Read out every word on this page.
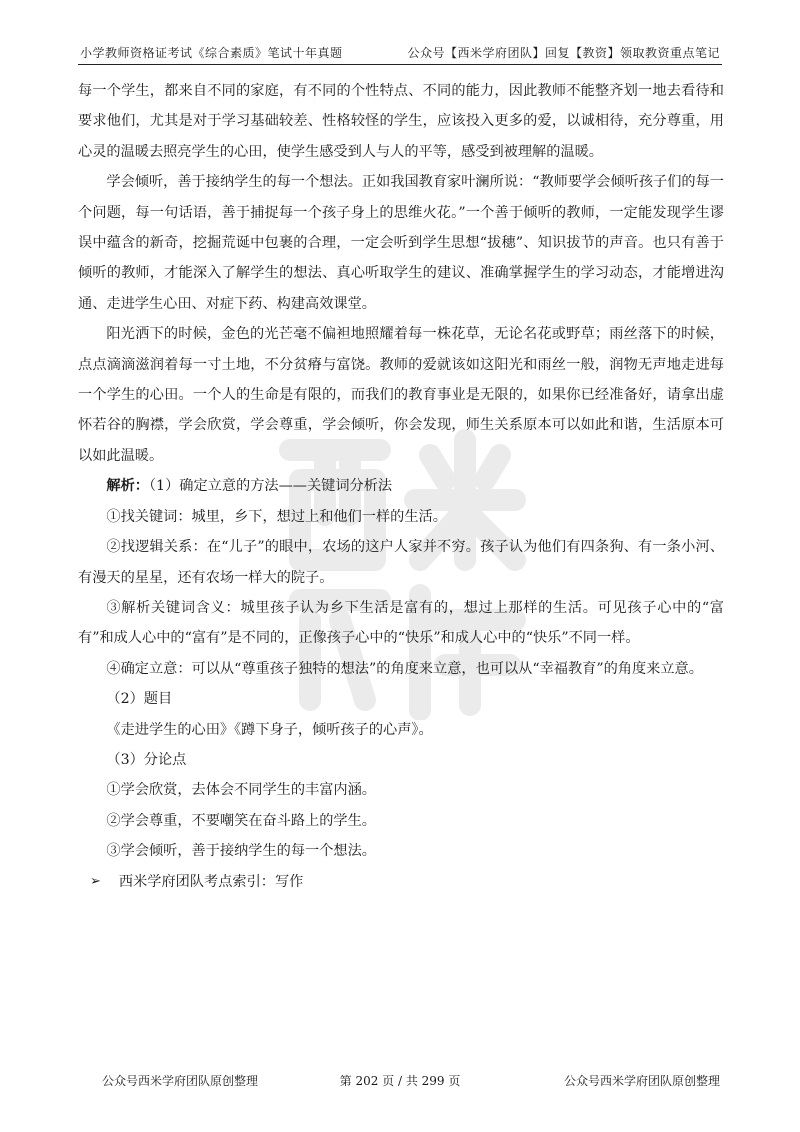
小学教师资格证考试《综合素质》笔试十年真题	公众号【西米学府团队】回复【教资】领取教资重点笔记

每一个学生，都来自不同的家庭，有不同的个性特点、不同的能力，因此教师不能整齐划一地去看待和要求他们，尤其是对于学习基础较差、性格较怪的学生，应该投入更多的爱，以诚相待，充分尊重，用心灵的温暖去照亮学生的心田，使学生感受到人与人的平等，感受到被理解的温暖。

学会倾听，善于接纳学生的每一个想法。正如我国教育家叶澜所说：“教师要学会倾听孩子们的每一个问题，每一句话语，善于捕捉每一个孩子身上的思维火花。”一个善于倾听的教师，一定能发现学生谬误中蕴含的新奇，挖掘荒诞中包裹的合理，一定会听到学生思想“拔穗”、知识拔节的声音。也只有善于倾听的教师，才能深入了解学生的想法、真心听取学生的建议、准确掌握学生的学习动态，才能增进沟通、走进学生心田、对症下药、构建高效课堂。

阳光洒下的时候，金色的光芒毫不偏袒地照耀着每一株花草，无论名花或野草；雨丝落下的时候，点点滴滴滋润着每一寸土地，不分贫瘠与富饶。教师的爱就该如这阳光和雨丝一般，润物无声地走进每一个学生的心田。一个人的生命是有限的，而我们的教育事业是无限的，如果你已经准备好，请拿出虚怀若谷的胸襟，学会欣赏，学会尊重，学会倾听，你会发现，师生关系原本可以如此和谐，生活原本可以如此温暖。

解析：（1）确定立意的方法——关键词分析法

①找关键词：城里，乡下，想过上和他们一样的生活。

②找逻辑关系：在“儿子”的眼中，农场的这户人家并不穷。孩子认为他们有四条狗、有一条小河、有漫天的星星，还有农场一样大的院子。

③解析关键词含义：城里孩子认为乡下生活是富有的，想过上那样的生活。可见孩子心中的“富有”和成人心中的“富有”是不同的，正像孩子心中的“快乐”和成人心中的“快乐”不同一样。

④确定立意：可以从“尊重孩子独特的想法”的角度来立意，也可以从“幸福教育”的角度来立意。

（2）题目

《走进学生的心田》《蹲下身子，倾听孩子的心声》。

（3）分论点

①学会欣赏，去体会不同学生的丰富内涵。

②学会尊重，不要嘲笑在奋斗路上的学生。

③学会倾听，善于接纳学生的每一个想法。

➢ 西米学府团队考点索引：写作

公众号西米学府团队原创整理	第 202 页 / 共 299 页	公众号西米学府团队原创整理
